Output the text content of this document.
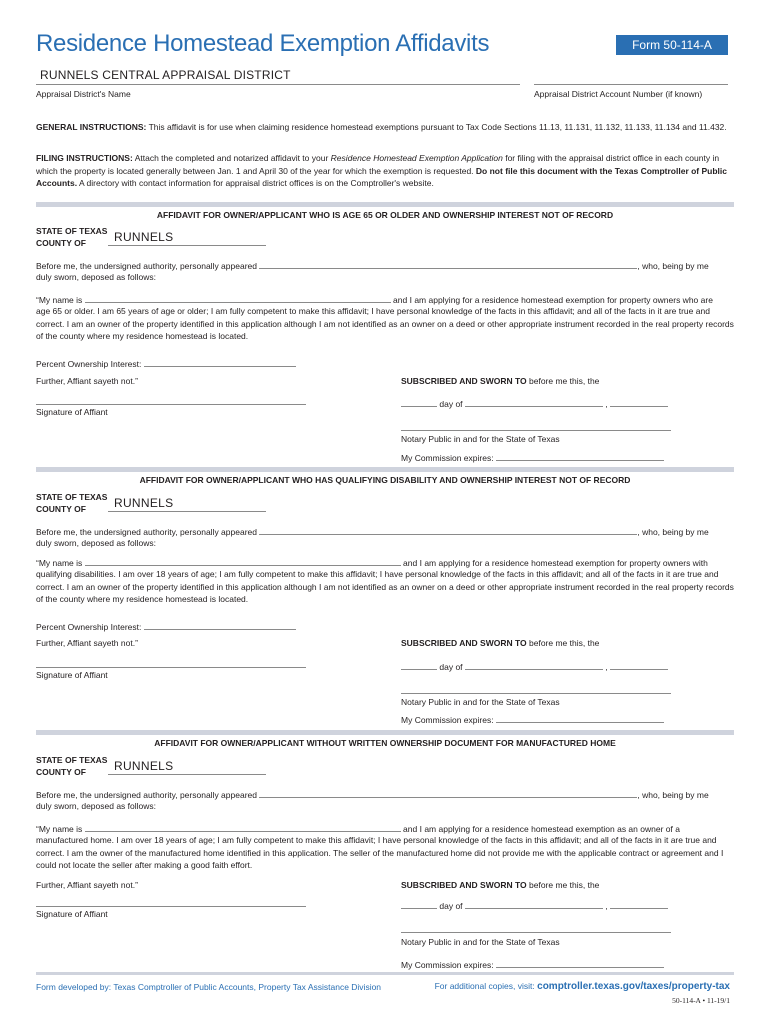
Residence Homestead Exemption Affidavits	Form 50-114-A
RUNNELS CENTRAL APPRAISAL DISTRICT
Appraisal District's Name	Appraisal District Account Number (if known)
GENERAL INSTRUCTIONS: This affidavit is for use when claiming residence homestead exemptions pursuant to Tax Code Sections 11.13, 11.131, 11.132, 11.133, 11.134 and 11.432.
FILING INSTRUCTIONS: Attach the completed and notarized affidavit to your Residence Homestead Exemption Application for filing with the appraisal district office in each county in which the property is located generally between Jan. 1 and April 30 of the year for which the exemption is requested. Do not file this document with the Texas Comptroller of Public Accounts. A directory with contact information for appraisal district offices is on the Comptroller's website.
AFFIDAVIT FOR OWNER/APPLICANT WHO IS AGE 65 OR OLDER AND OWNERSHIP INTEREST NOT OF RECORD
STATE OF TEXAS
COUNTY OF RUNNELS
Before me, the undersigned authority, personally appeared	, who, being by me
duly sworn, deposed as follows:
“My name is	and I am applying for a residence homestead exemption for property owners who are
age 65 or older. I am 65 years of age or older; I am fully competent to make this affidavit; I have personal knowledge of the facts in this affidavit; and all of the facts in it are true and correct. I am an owner of the property identified in this application although I am not identified as an owner on a deed or other appropriate instrument recorded in the real property records of the county where my residence homestead is located.
Percent Ownership Interest:
Further, Affiant sayeth not.”	SUBSCRIBED AND SWORN TO before me this, the
Signature of Affiant
day of	,
Notary Public in and for the State of Texas
My Commission expires:
AFFIDAVIT FOR OWNER/APPLICANT WHO HAS QUALIFYING DISABILITY AND OWNERSHIP INTEREST NOT OF RECORD
STATE OF TEXAS
COUNTY OF RUNNELS
Before me, the undersigned authority, personally appeared	, who, being by me
duly sworn, deposed as follows:
“My name is	and I am applying for a residence homestead exemption for property owners with
qualifying disabilities. I am over 18 years of age; I am fully competent to make this affidavit; I have personal knowledge of the facts in this affidavit; and all of the facts in it are true and correct. I am an owner of the property identified in this application although I am not identified as an owner on a deed or other appropriate instrument recorded in the real property records of the county where my residence homestead is located.
Percent Ownership Interest:
Further, Affiant sayeth not.”	SUBSCRIBED AND SWORN TO before me this, the
Signature of Affiant
day of	,
Notary Public in and for the State of Texas
My Commission expires:
AFFIDAVIT FOR OWNER/APPLICANT WITHOUT WRITTEN OWNERSHIP DOCUMENT FOR MANUFACTURED HOME
STATE OF TEXAS
COUNTY OF RUNNELS
Before me, the undersigned authority, personally appeared	, who, being by me
duly sworn, deposed as follows:
“My name is	and I am applying for a residence homestead exemption as an owner of a
manufactured home. I am over 18 years of age; I am fully competent to make this affidavit; I have personal knowledge of the facts in this affidavit; and all of the facts in it are true and correct. I am the owner of the manufactured home identified in this application. The seller of the manufactured home did not provide me with the applicable contract or agreement and I could not locate the seller after making a good faith effort.
Further, Affiant sayeth not.”	SUBSCRIBED AND SWORN TO before me this, the
Signature of Affiant
day of	,
Notary Public in and for the State of Texas
My Commission expires:
Form developed by: Texas Comptroller of Public Accounts, Property Tax Assistance Division	For additional copies, visit: comptroller.texas.gov/taxes/property-tax
50-114-A • 11-19/1
